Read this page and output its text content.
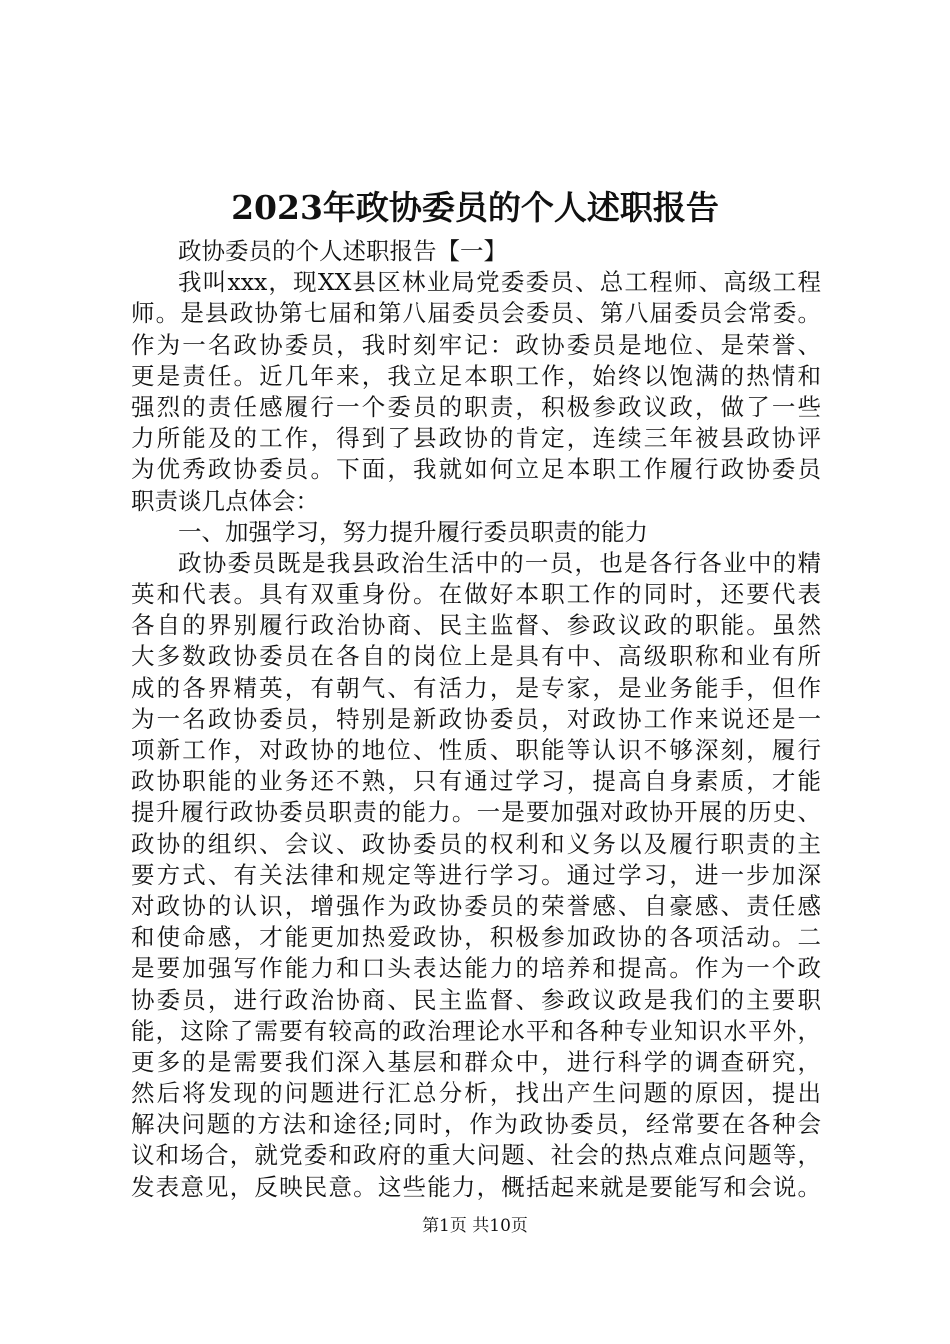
2023年政协委员的个人述职报告
政协委员的个人述职报告【一】
我叫xxx，现XX县区林业局党委委员、总工程师、高级工程
师。是县政协第七届和第八届委员会委员、第八届委员会常委。
作为一名政协委员，我时刻牢记：政协委员是地位、是荣誉、
更是责任。近几年来，我立足本职工作，始终以饱满的热情和
强烈的责任感履行一个委员的职责，积极参政议政，做了一些
力所能及的工作，得到了县政协的肯定，连续三年被县政协评
为优秀政协委员。下面，我就如何立足本职工作履行政协委员
职责谈几点体会：
一、加强学习，努力提升履行委员职责的能力
政协委员既是我县政治生活中的一员，也是各行各业中的精
英和代表。具有双重身份。在做好本职工作的同时，还要代表
各自的界别履行政治协商、民主监督、参政议政的职能。虽然
大多数政协委员在各自的岗位上是具有中、高级职称和业有所
成的各界精英，有朝气、有活力，是专家，是业务能手，但作
为一名政协委员，特别是新政协委员，对政协工作来说还是一
项新工作，对政协的地位、性质、职能等认识不够深刻，履行
政协职能的业务还不熟，只有通过学习，提高自身素质，才能
提升履行政协委员职责的能力。一是要加强对政协开展的历史、
政协的组织、会议、政协委员的权利和义务以及履行职责的主
要方式、有关法律和规定等进行学习。通过学习，进一步加深
对政协的认识，增强作为政协委员的荣誉感、自豪感、责任感
和使命感，才能更加热爱政协，积极参加政协的各项活动。二
是要加强写作能力和口头表达能力的培养和提高。作为一个政
协委员，进行政治协商、民主监督、参政议政是我们的主要职
能，这除了需要有较高的政治理论水平和各种专业知识水平外，
更多的是需要我们深入基层和群众中，进行科学的调查研究，
然后将发现的问题进行汇总分析，找出产生问题的原因，提出
解决问题的方法和途径;同时，作为政协委员，经常要在各种会
议和场合，就党委和政府的重大问题、社会的热点难点问题等，
发表意见，反映民意。这些能力，概括起来就是要能写和会说。
第1页 共10页
